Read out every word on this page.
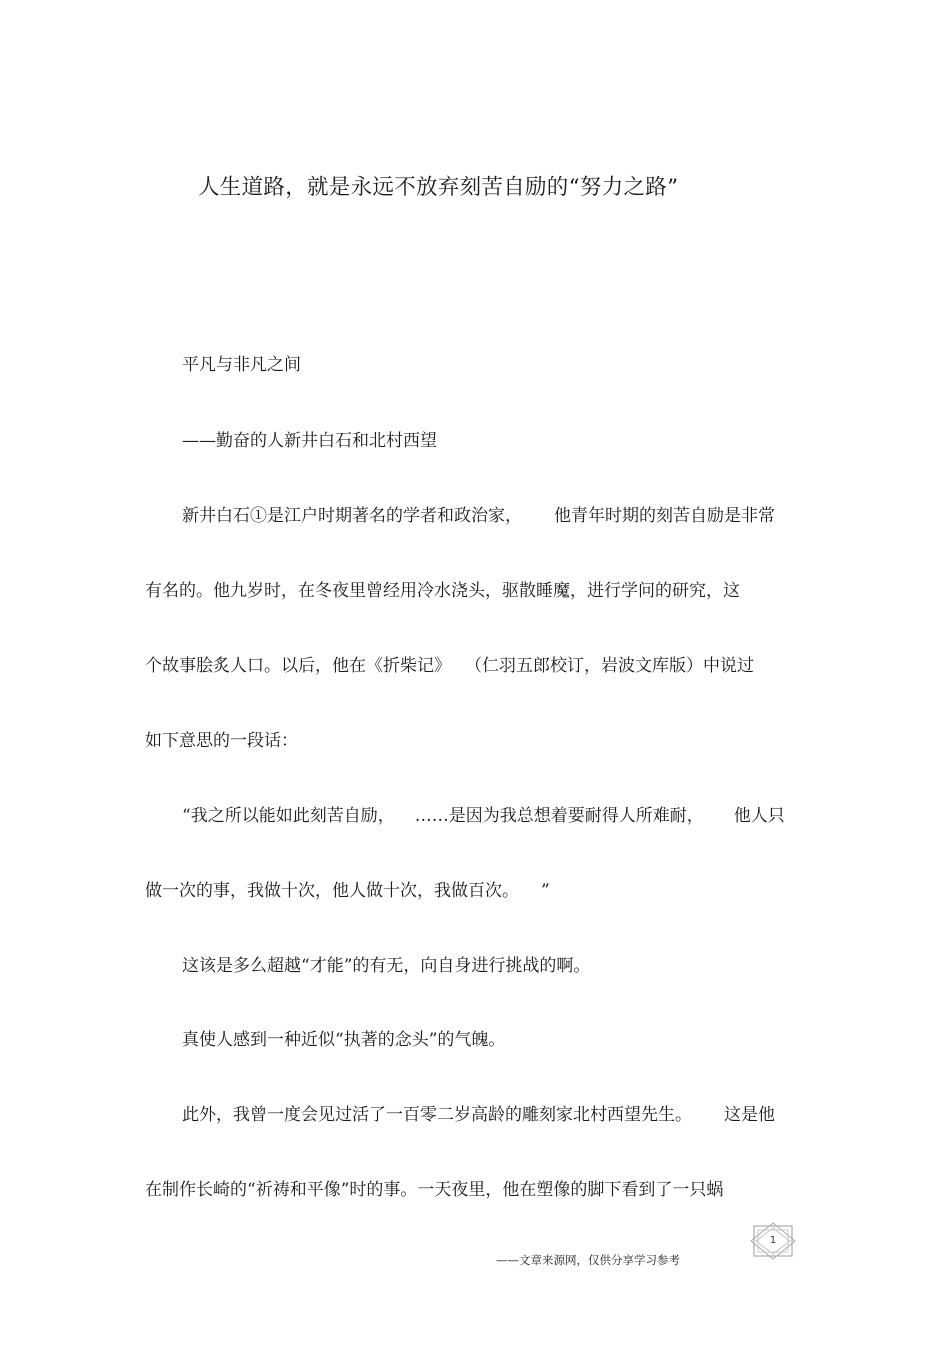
人生道路，就是永远不放弃刻苦自励的“努力之路”
平凡与非凡之间
——勤奋的人新井白石和北村西望
新井白石①是江户时期著名的学者和政治家， 他青年时期的刻苦自励是非常
有名的。他九岁时，在冬夜里曾经用冷水浇头，驱散睡魔，进行学问的研究，这
个故事脍炙人口。以后，他在《折柴记》 （仁羽五郎校订，岩波文库版）中说过
如下意思的一段话：
“我之所以能如此刻苦自励， ……是因为我总想着要耐得人所难耐， 他人只
做一次的事，我做十次，他人做十次，我做百次。 ”
这该是多么超越“才能”的有无，向自身进行挑战的啊。
真使人感到一种近似“执著的念头”的气魄。
此外，我曾一度会见过活了一百零二岁高龄的雕刻家北村西望先生。 这是他
在制作长崎的“祈祷和平像”时的事。一天夜里，他在塑像的脚下看到了一只蜗
——文章来源网，仅供分享学习参考
1
